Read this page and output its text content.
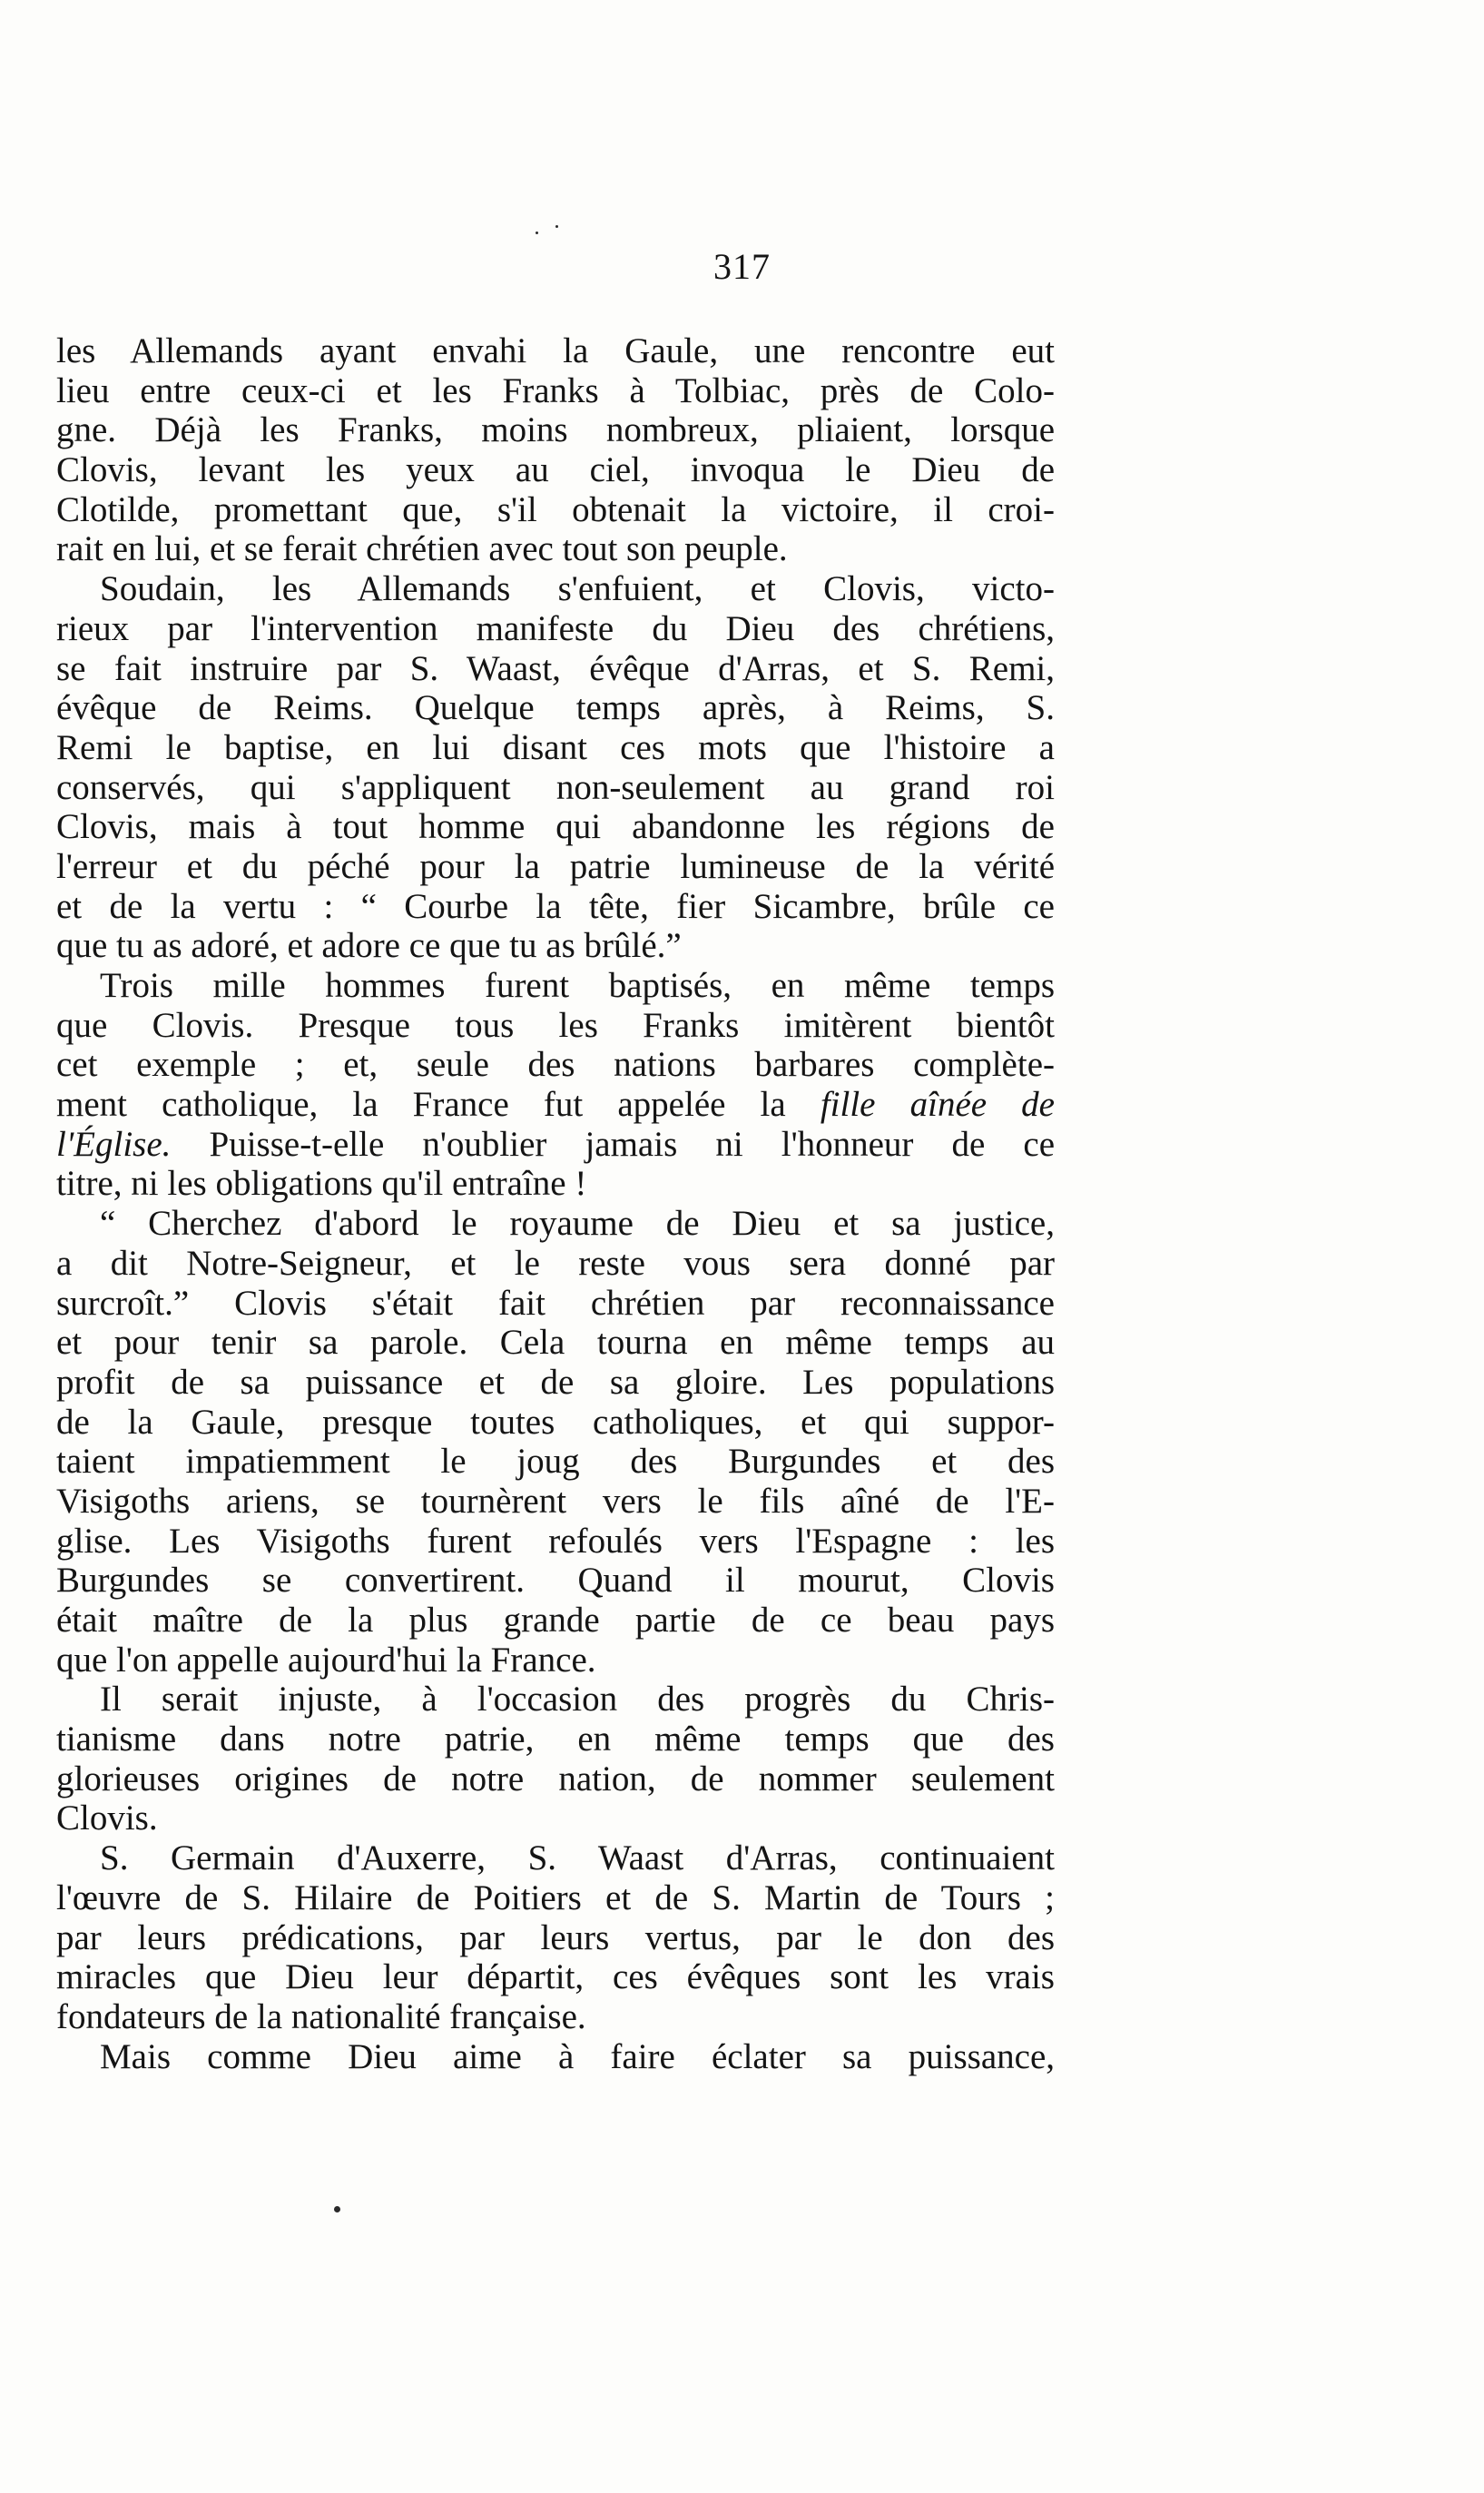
317
les Allemands ayant envahi la Gaule, une rencontre eut
lieu entre ceux-ci et les Franks à Tolbiac, près de Colo-
gne. Déjà les Franks, moins nombreux, pliaient, lorsque
Clovis, levant les yeux au ciel, invoqua le Dieu de
Clotilde, promettant que, s'il obtenait la victoire, il croi-
rait en lui, et se ferait chrétien avec tout son peuple.
Soudain, les Allemands s'enfuient, et Clovis, victo-
rieux par l'intervention manifeste du Dieu des chrétiens,
se fait instruire par S. Waast, évêque d'Arras, et S. Remi,
évêque de Reims. Quelque temps après, à Reims, S.
Remi le baptise, en lui disant ces mots que l'histoire a
conservés, qui s'appliquent non-seulement au grand roi
Clovis, mais à tout homme qui abandonne les régions de
l'erreur et du péché pour la patrie lumineuse de la vérité
et de la vertu : “ Courbe la tête, fier Sicambre, brûle ce
que tu as adoré, et adore ce que tu as brûlé.”
Trois mille hommes furent baptisés, en même temps
que Clovis. Presque tous les Franks imitèrent bientôt
cet exemple ; et, seule des nations barbares complète-
ment catholique, la France fut appelée la fille aînée de
l'Église. Puisse-t-elle n'oublier jamais ni l'honneur de ce
titre, ni les obligations qu'il entraîne !
“ Cherchez d'abord le royaume de Dieu et sa justice,
a dit Notre-Seigneur, et le reste vous sera donné par
surcroît.” Clovis s'était fait chrétien par reconnaissance
et pour tenir sa parole. Cela tourna en même temps au
profit de sa puissance et de sa gloire. Les populations
de la Gaule, presque toutes catholiques, et qui suppor-
taient impatiemment le joug des Burgundes et des
Visigoths ariens, se tournèrent vers le fils aîné de l'E-
glise. Les Visigoths furent refoulés vers l'Espagne : les
Burgundes se convertirent. Quand il mourut, Clovis
était maître de la plus grande partie de ce beau pays
que l'on appelle aujourd'hui la France.
Il serait injuste, à l'occasion des progrès du Chris-
tianisme dans notre patrie, en même temps que des
glorieuses origines de notre nation, de nommer seulement
Clovis.
S. Germain d'Auxerre, S. Waast d'Arras, continuaient
l'œuvre de S. Hilaire de Poitiers et de S. Martin de Tours ;
par leurs prédications, par leurs vertus, par le don des
miracles que Dieu leur départit, ces évêques sont les vrais
fondateurs de la nationalité française.
Mais comme Dieu aime à faire éclater sa puissance,
